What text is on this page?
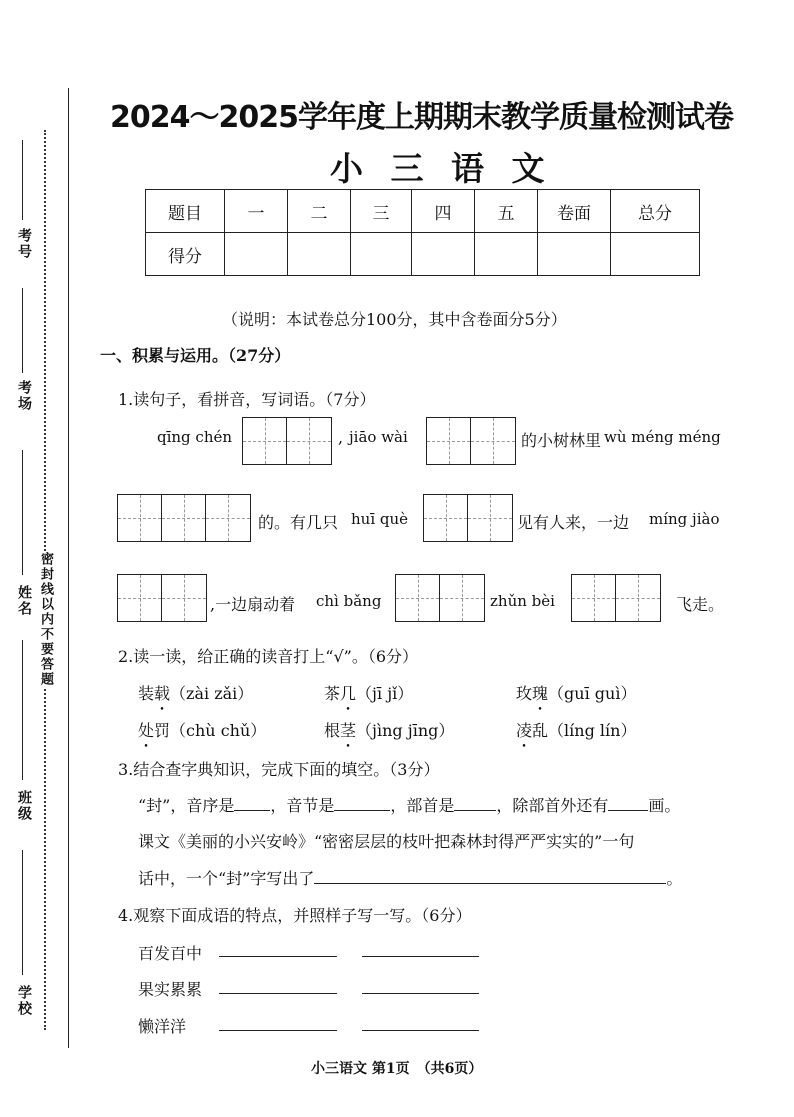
考号
考场
姓名 密封线以内不要答题
班级
学校
2024～2025学年度上期期末教学质量检测试卷
小 三 语 文
题目	一	二	三	四	五	卷面	总分
得分							
（说明：本试卷总分100分，其中含卷面分5分）
一、积累与运用。（27分）
1.读句子，看拼音，写词语。（7分）
qīng chén	, jiāo wài	的小树林里 wù méng méng
的。有几只 huī què	见有人来，一边 míng jiào
,一边扇动着 chì bǎng	zhǔn bèi	飞走。
2.读一读，给正确的读音打上“√”。（6分）
装载（zài zǎi）	茶几（jī jǐ）	玫瑰（guī guì）
处罚（chù chǔ）	根茎（jìng jīng）	凌乱（líng lín）
3.结合查字典知识，完成下面的填空。（3分）
“封”，音序是 ，音节是	，部首是	，除部首外还有	画。
课文《美丽的小兴安岭》“密密层层的枝叶把森林封得严严实实的”一句
话中，一个“封”字写出了	。
4.观察下面成语的特点，并照样子写一写。（6分）
百发百中
果实累累
懒洋洋
小三语文 第1页　（共6页）
